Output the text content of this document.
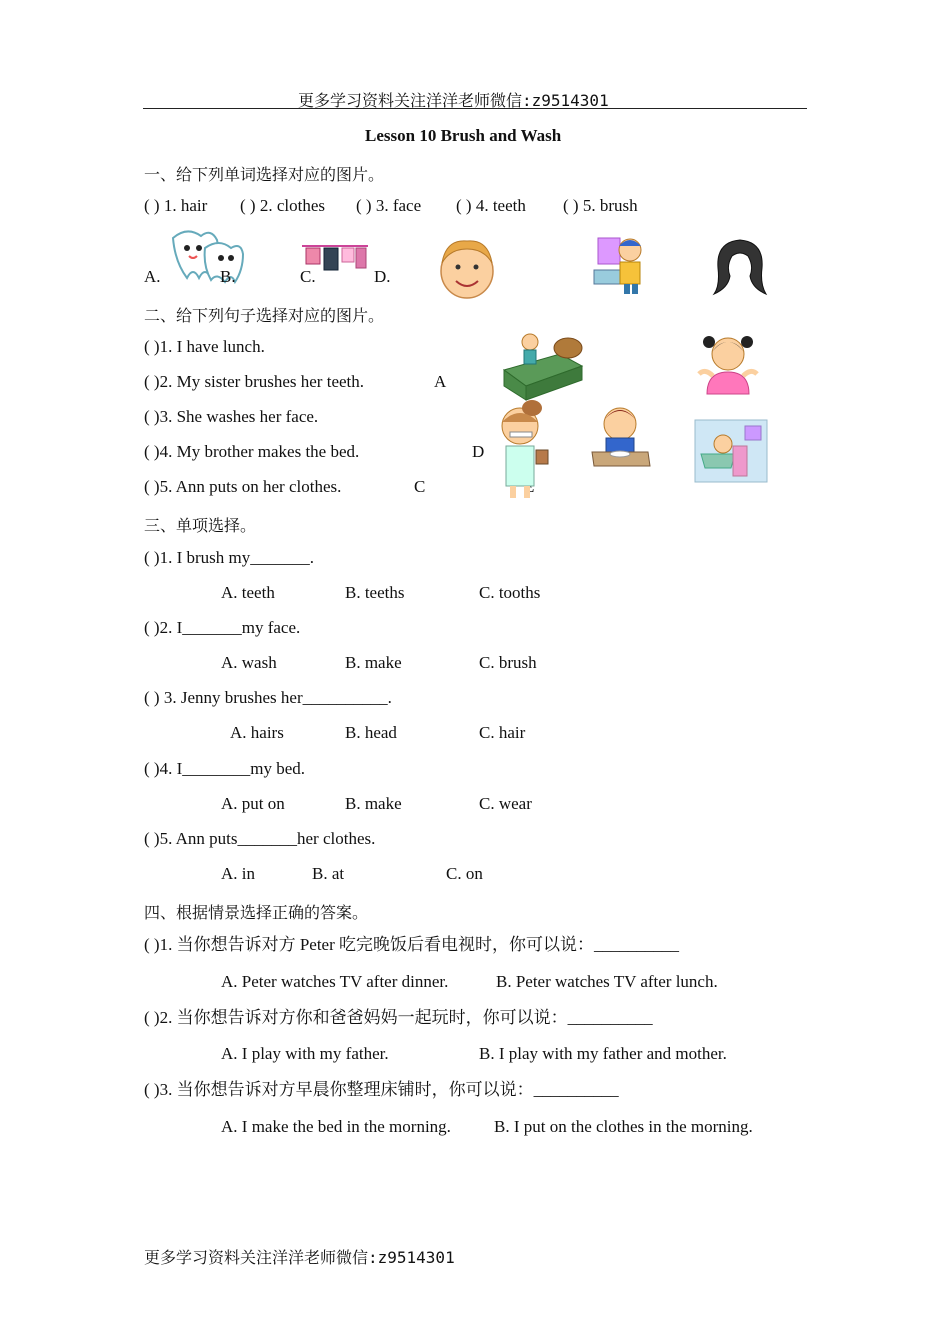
更多学习资料关注洋洋老师微信:z9514301
Lesson 10 Brush and Wash
一、给下列单词选择对应的图片。
( ) 1. hair ( ) 2. clothes ( ) 3. face ( ) 4. teeth ( ) 5. brush
A.	B.	C.	D.
二、给下列句子选择对应的图片。
( )1. I have lunch.
( )2. My sister brushes her teeth.
( )3. She washes her face.
( )4. My brother makes the bed.
( )5. Ann puts on her clothes.
A
D
C
三、单项选择。
( )1. I brush my_______.
A. teeth	B. teeths	C. tooths
( )2. I_______my face.
A. wash	B. make	C. brush
( ) 3. Jenny brushes her__________.
A. hairs	B. head	C. hair
( )4. I________my bed.
A. put on	B. make	C. wear
( )5. Ann puts_______her clothes.
A. in	B. at	C. on
四、根据情景选择正确的答案。
( )1. 当你想告诉对方 Peter 吃完晚饭后看电视时，你可以说：__________
A. Peter watches TV after dinner.	B. Peter watches TV after lunch.
( )2. 当你想告诉对方你和爸爸妈妈一起玩时，你可以说：__________
A. I play with my father.	B. I play with my father and mother.
( )3. 当你想告诉对方早晨你整理床铺时，你可以说：__________
A. I make the bed in the morning.	B. I put on the clothes in the morning.
更多学习资料关注洋洋老师微信:z9514301
